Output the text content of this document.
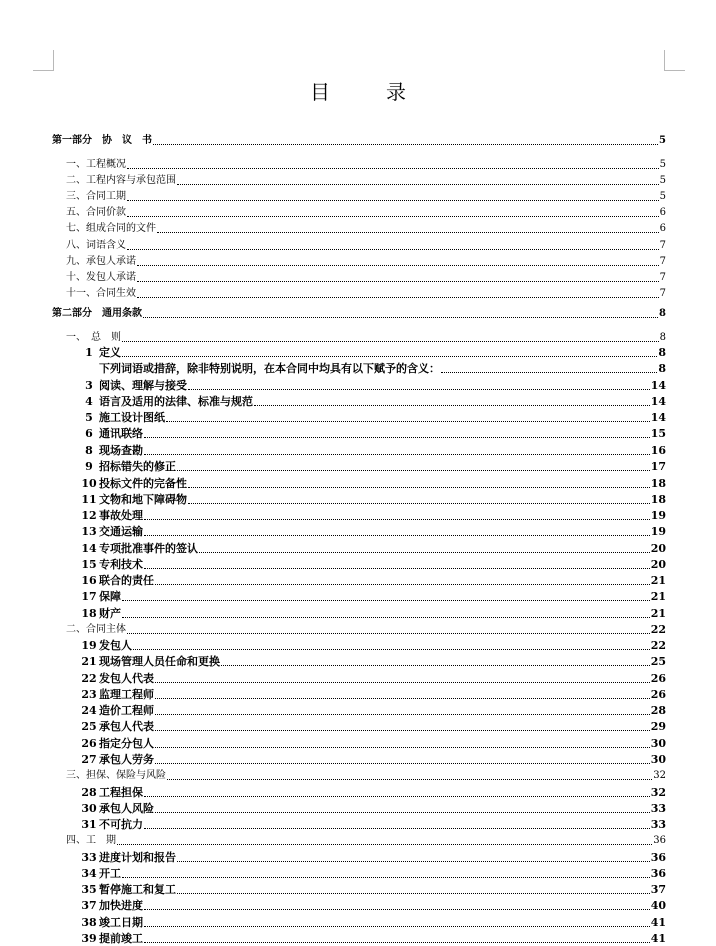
目　录
第一部分　协　议　书	5
一、工程概况	5
二、工程内容与承包范围	5
三、合同工期	5
五、合同价款	6
七、组成合同的文件	6
八、词语含义	7
九、承包人承诺	7
十、发包人承诺	7
十一、合同生效	7
第二部分　通用条款	8
一、　总　则	8
1 定义	8
下列词语或措辞，除非特别说明，在本合同中均具有以下赋予的含义：	8
3 阅读、理解与接受	14
4 语言及适用的法律、标准与规范	14
5 施工设计图纸	14
6 通讯联络	15
8 现场查勘	16
9 招标错失的修正	17
10 投标文件的完备性	18
11 文物和地下障碍物	18
12 事故处理	19
13 交通运输	19
14 专项批准事件的签认	20
15 专利技术	20
16 联合的责任	21
17 保障	21
18 财产	21
二、合同主体	22
19 发包人	22
21 现场管理人员任命和更换	25
22 发包人代表	26
23 监理工程师	26
24 造价工程师	28
25 承包人代表	29
26 指定分包人	30
27 承包人劳务	30
三、担保、保险与风险	32
28 工程担保	32
30 承包人风险	33
31 不可抗力	33
四、工　期	36
33 进度计划和报告	36
34 开工	36
35 暂停施工和复工	37
37 加快进度	40
38 竣工日期	41
39 提前竣工	41
